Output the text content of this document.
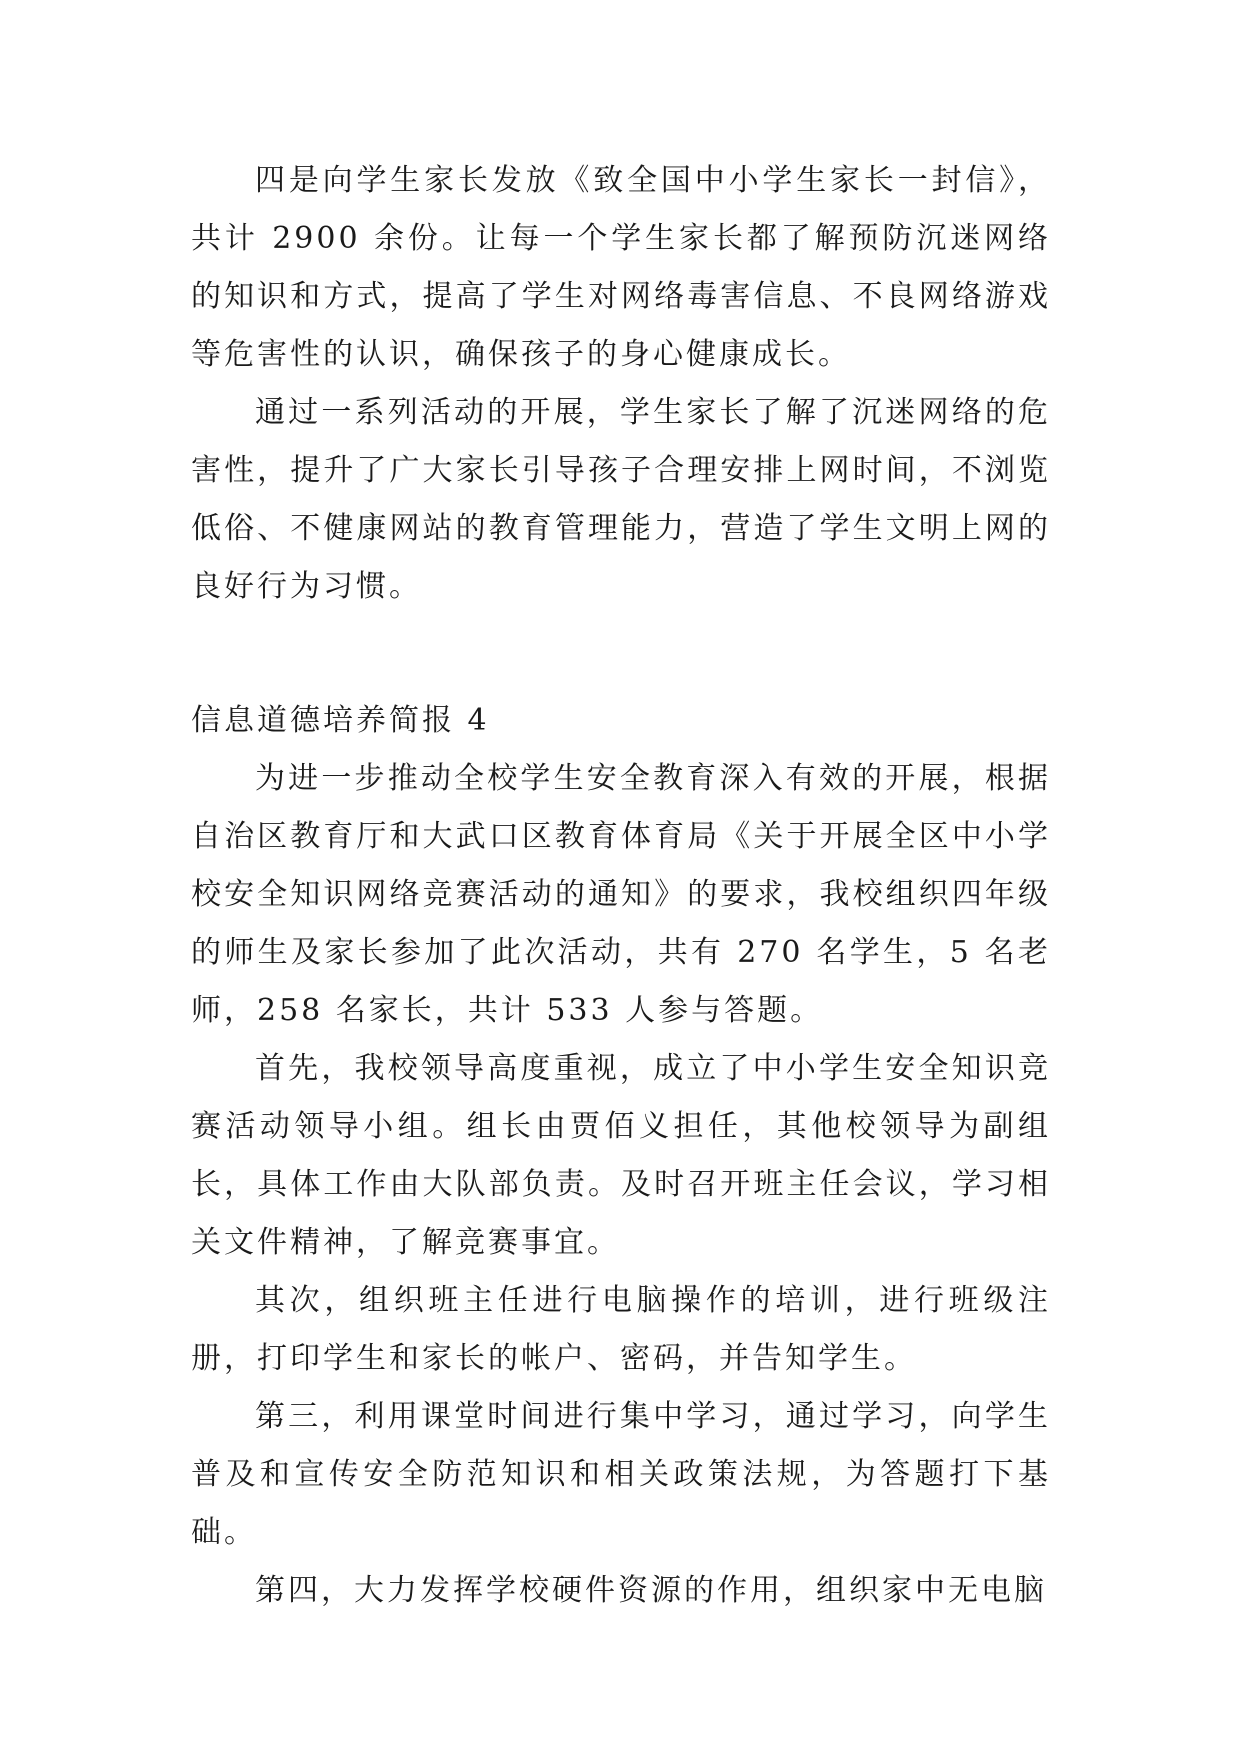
四是向学生家长发放《致全国中小学生家长一封信》，共计 2900 余份。让每一个学生家长都了解预防沉迷网络的知识和方式，提高了学生对网络毒害信息、不良网络游戏等危害性的认识，确保孩子的身心健康成长。

通过一系列活动的开展，学生家长了解了沉迷网络的危害性，提升了广大家长引导孩子合理安排上网时间，不浏览低俗、不健康网站的教育管理能力，营造了学生文明上网的良好行为习惯。

信息道德培养简报 4

为进一步推动全校学生安全教育深入有效的开展，根据自治区教育厅和大武口区教育体育局《关于开展全区中小学校安全知识网络竞赛活动的通知》的要求，我校组织四年级的师生及家长参加了此次活动，共有 270 名学生，5 名老师，258 名家长，共计 533 人参与答题。

首先，我校领导高度重视，成立了中小学生安全知识竞赛活动领导小组。组长由贾佰义担任，其他校领导为副组长，具体工作由大队部负责。及时召开班主任会议，学习相关文件精神，了解竞赛事宜。

其次，组织班主任进行电脑操作的培训，进行班级注册，打印学生和家长的帐户、密码，并告知学生。

第三，利用课堂时间进行集中学习，通过学习，向学生普及和宣传安全防范知识和相关政策法规，为答题打下基础。

第四，大力发挥学校硬件资源的作用，组织家中无电脑
